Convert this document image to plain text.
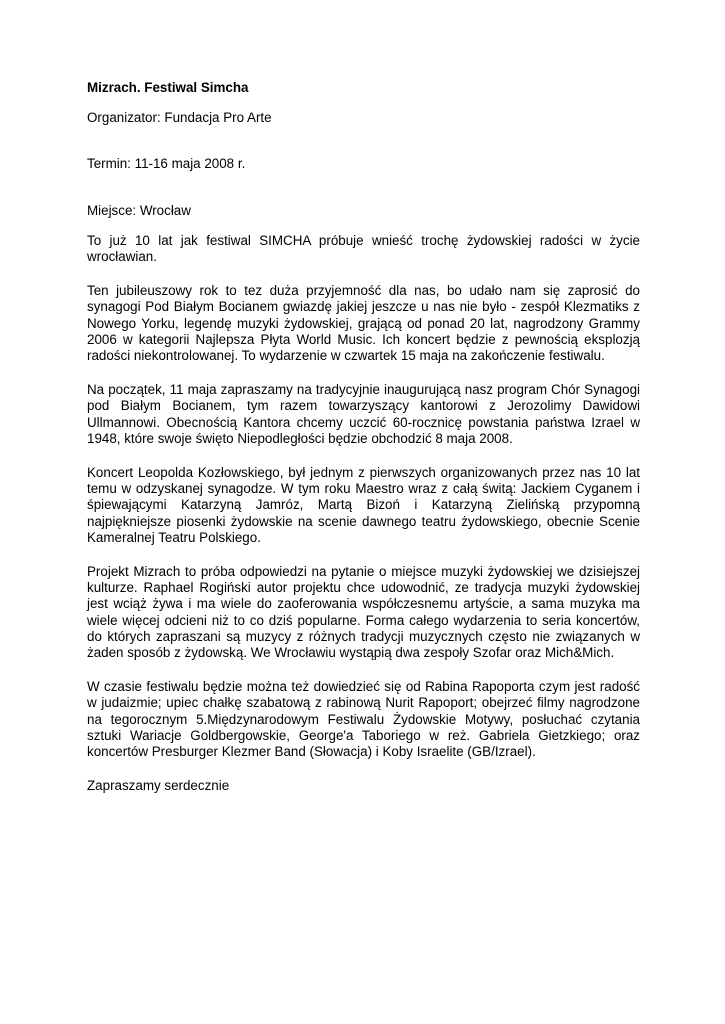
Mizrach. Festiwal Simcha

Organizator: Fundacja Pro Arte

Termin: 11-16 maja 2008 r.

Miejsce: Wrocław

To już 10 lat jak festiwal SIMCHA próbuje wnieść trochę żydowskiej radości w życie wrocławian.

Ten jubileuszowy rok to tez duża przyjemność dla nas, bo udało nam się zaprosić do synagogi Pod Białym Bocianem gwiazdę jakiej jeszcze u nas nie było - zespół Klezmatiks z Nowego Yorku, legendę muzyki żydowskiej, grającą od ponad 20 lat, nagrodzony Grammy 2006 w kategorii Najlepsza Płyta World Music. Ich koncert będzie z pewnością eksplozją radości niekontrolowanej. To wydarzenie w czwartek 15 maja na zakończenie festiwalu.

Na początek, 11 maja zapraszamy na tradycyjnie inaugurującą nasz program Chór Synagogi pod Białym Bocianem, tym razem towarzyszący kantorowi z Jerozolimy Dawidowi Ullmannowi. Obecnością Kantora chcemy uczcić 60-rocznicę powstania państwa Izrael w 1948, które swoje święto Niepodległości będzie obchodzić 8 maja 2008.

Koncert Leopolda Kozłowskiego, był jednym z pierwszych organizowanych przez nas 10 lat temu w odzyskanej synagodze. W tym roku Maestro wraz z całą świtą: Jackiem Cyganem i śpiewającymi Katarzyną Jamróz, Martą Bizoń i Katarzyną Zielińską przypomną najpiękniejsze piosenki żydowskie na scenie dawnego teatru żydowskiego, obecnie Scenie Kameralnej Teatru Polskiego.

Projekt Mizrach to próba odpowiedzi na pytanie o miejsce muzyki żydowskiej we dzisiejszej kulturze. Raphael Rogiński autor projektu chce udowodnić, ze tradycja muzyki żydowskiej jest wciąż żywa i ma wiele do zaoferowania współczesnemu artyście, a sama muzyka ma wiele więcej odcieni niż to co dziś popularne. Forma całego wydarzenia to seria koncertów, do których zapraszani są muzycy z różnych tradycji muzycznych często nie związanych w żaden sposób z żydowską. We Wrocławiu wystąpią dwa zespoły Szofar oraz Mich&Mich.

W czasie festiwalu będzie można też dowiedzieć się od Rabina Rapoporta czym jest radość w judaizmie; upiec chałkę szabatową z rabinową Nurit Rapoport; obejrzeć filmy nagrodzone na tegorocznym 5.Międzynarodowym Festiwalu Żydowskie Motywy, posłuchać czytania sztuki Wariacje Goldbergowskie, George'a Taboriego w reż. Gabriela Gietzkiego; oraz koncertów Presburger Klezmer Band (Słowacja) i Koby Israelite (GB/Izrael).

Zapraszamy serdecznie
